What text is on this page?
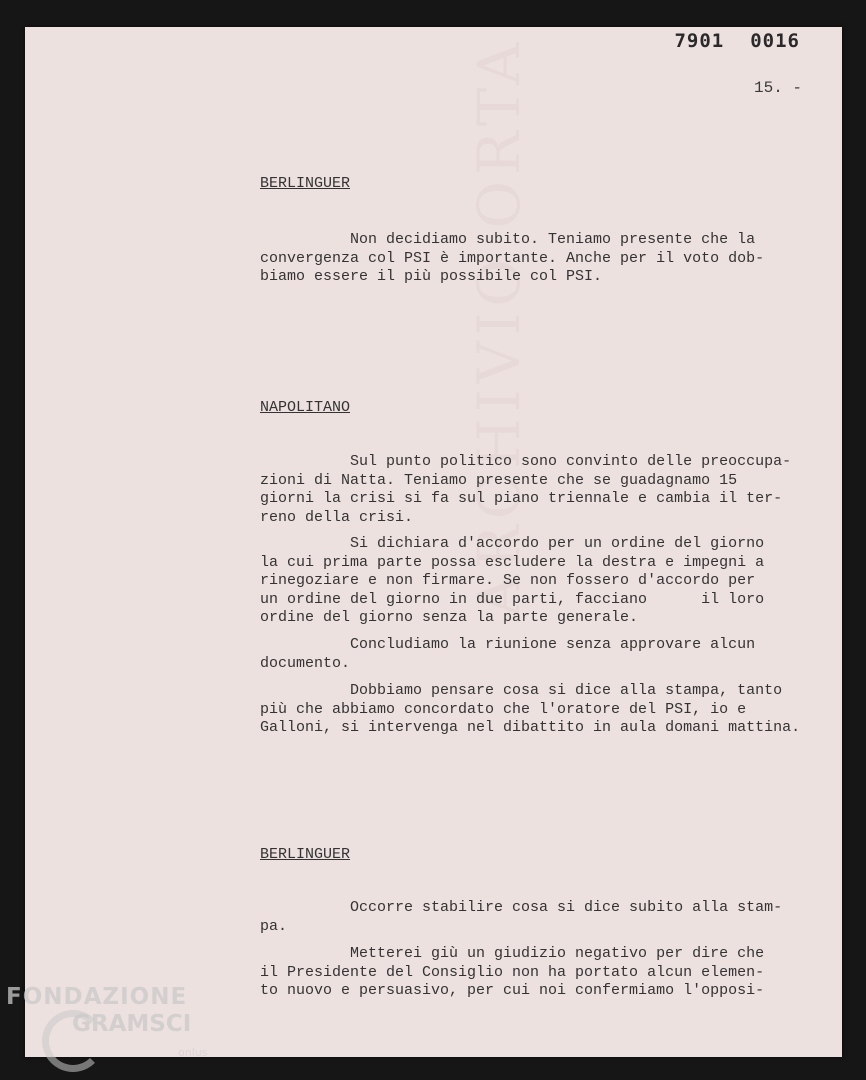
ARCHIVIO ORTA	7901 0016
15. -
BERLINGUER
Non decidiamo subito. Teniamo presente che la
convergenza col PSI è importante. Anche per il voto dob-
biamo essere il più possibile col PSI.
NAPOLITANO
Sul punto politico sono convinto delle preoccupa-
zioni di Natta. Teniamo presente che se guadagnamo 15
giorni la crisi si fa sul piano triennale e cambia il ter-
reno della crisi.
Si dichiara d'accordo per un ordine del giorno
la cui prima parte possa escludere la destra e impegni a
rinegoziare e non firmare. Se non fossero d'accordo per
un ordine del giorno in due parti, facciano      il loro
ordine del giorno senza la parte generale.
Concludiamo la riunione senza approvare alcun
documento.
Dobbiamo pensare cosa si dice alla stampa, tanto
più che abbiamo concordato che l'oratore del PSI, io e
Galloni, si intervenga nel dibattito in aula domani mattina.
BERLINGUER
Occorre stabilire cosa si dice subito alla stam-
pa.
Metterei giù un giudizio negativo per dire che
il Presidente del Consiglio non ha portato alcun elemen-
to nuovo e persuasivo, per cui noi confermiamo l'opposi-
FONDAZIONE
GRAMSCI
onlus
